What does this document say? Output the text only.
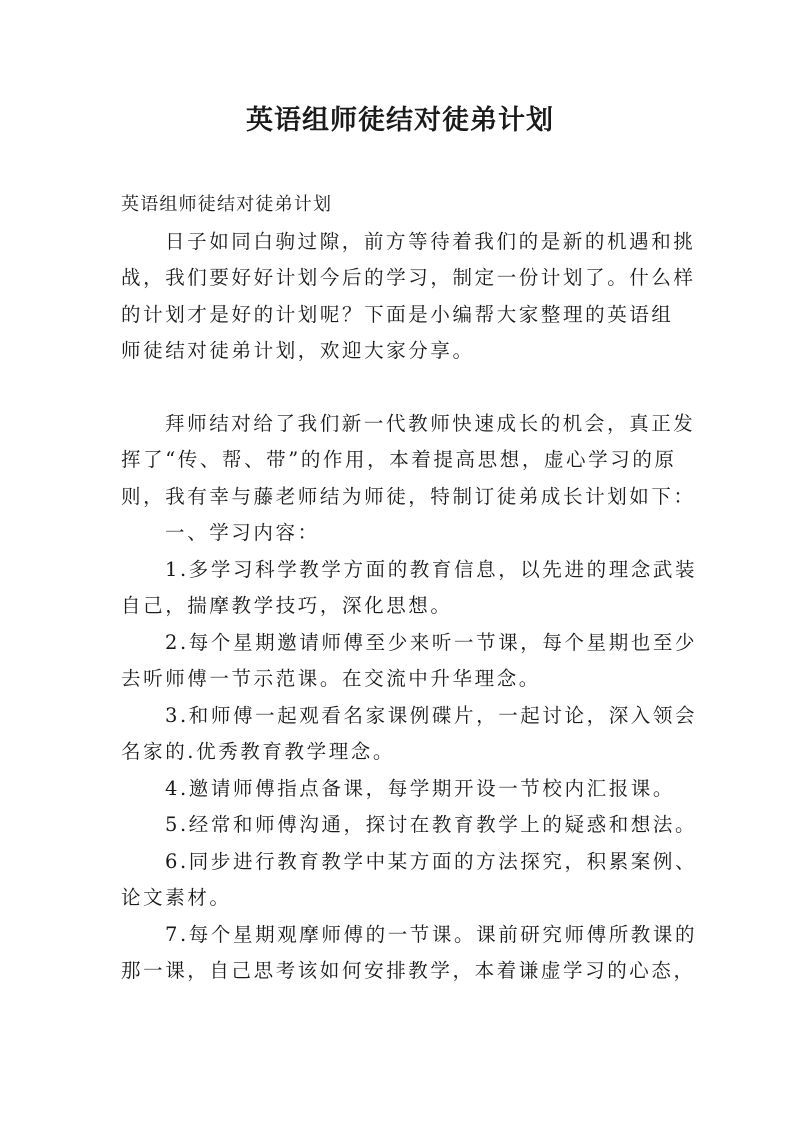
英语组师徒结对徒弟计划

英语组师徒结对徒弟计划

日子如同白驹过隙，前方等待着我们的是新的机遇和挑

战，我们要好好计划今后的学习，制定一份计划了。什么样

的计划才是好的计划呢？下面是小编帮大家整理的英语组

师徒结对徒弟计划，欢迎大家分享。

拜师结对给了我们新一代教师快速成长的机会，真正发

挥了“传、帮、带”的作用，本着提高思想，虚心学习的原

则，我有幸与藤老师结为师徒，特制订徒弟成长计划如下：

一、学习内容：

1.多学习科学教学方面的教育信息，以先进的理念武装

自己，揣摩教学技巧，深化思想。

2.每个星期邀请师傅至少来听一节课，每个星期也至少

去听师傅一节示范课。在交流中升华理念。

3.和师傅一起观看名家课例碟片，一起讨论，深入领会

名家的.优秀教育教学理念。

4.邀请师傅指点备课，每学期开设一节校内汇报课。

5.经常和师傅沟通，探讨在教育教学上的疑惑和想法。

6.同步进行教育教学中某方面的方法探究，积累案例、

论文素材。

7.每个星期观摩师傅的一节课。课前研究师傅所教课的

那一课，自己思考该如何安排教学，本着谦虚学习的心态，
